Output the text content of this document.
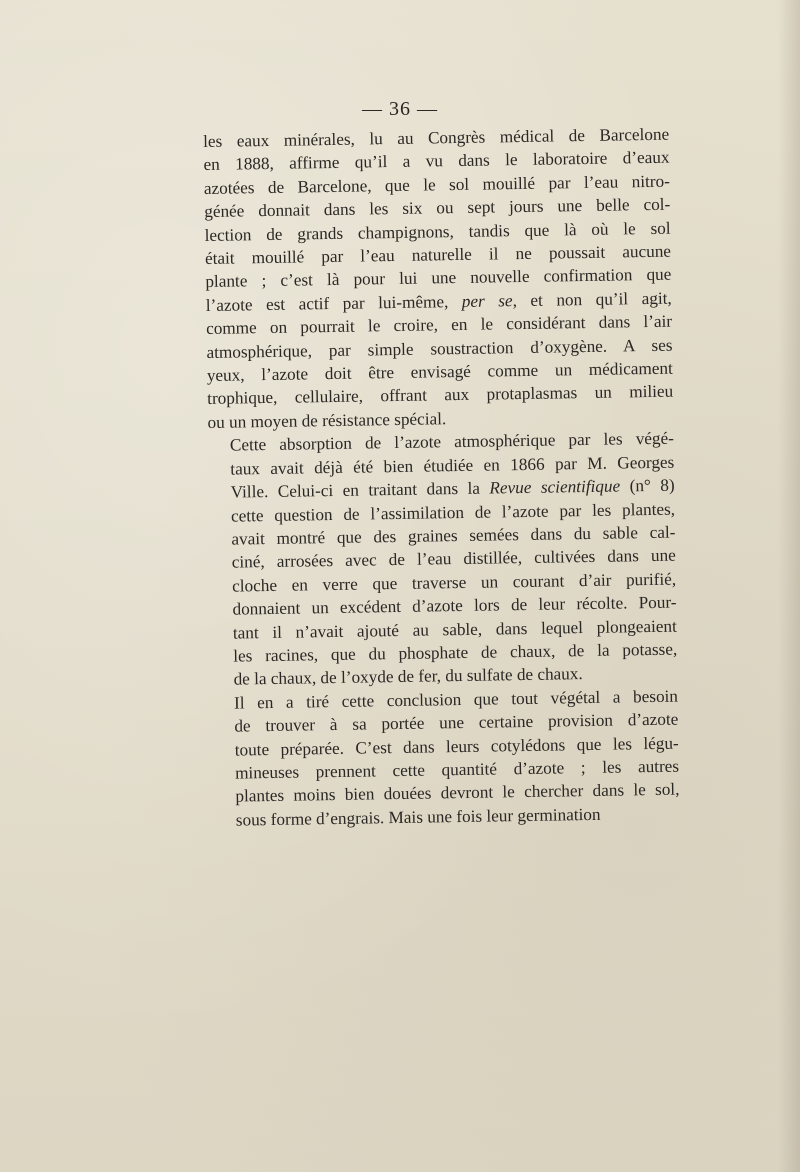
— 36 —

les eaux minérales, lu au Congrès médical de Barcelone
en 1888, affirme qu’il a vu dans le laboratoire d’eaux
azotées de Barcelone, que le sol mouillé par l’eau nitro-
génée donnait dans les six ou sept jours une belle col-
lection de grands champignons, tandis que là où le sol
était mouillé par l’eau naturelle il ne poussait aucune
plante ; c’est là pour lui une nouvelle confirmation que
l’azote est actif par lui-même, per se, et non qu’il agit,
comme on pourrait le croire, en le considérant dans l’air
atmosphérique, par simple soustraction d’oxygène. A ses
yeux, l’azote doit être envisagé comme un médicament
trophique, cellulaire, offrant aux protaplasmas un milieu
ou un moyen de résistance spécial.

Cette absorption de l’azote atmosphérique par les végé-
taux avait déjà été bien étudiée en 1866 par M. Georges
Ville. Celui-ci en traitant dans la Revue scientifique (n° 8)
cette question de l’assimilation de l’azote par les plantes,
avait montré que des graines semées dans du sable cal-
ciné, arrosées avec de l’eau distillée, cultivées dans une
cloche en verre que traverse un courant d’air purifié,
donnaient un excédent d’azote lors de leur récolte. Pour-
tant il n’avait ajouté au sable, dans lequel plongeaient
les racines, que du phosphate de chaux, de la potasse,
de la chaux, de l’oxyde de fer, du sulfate de chaux.

Il en a tiré cette conclusion que tout végétal a besoin
de trouver à sa portée une certaine provision d’azote
toute préparée. C’est dans leurs cotylédons que les légu-
mineuses prennent cette quantité d’azote ; les autres
plantes moins bien douées devront le chercher dans le sol,
sous forme d’engrais. Mais une fois leur germination
